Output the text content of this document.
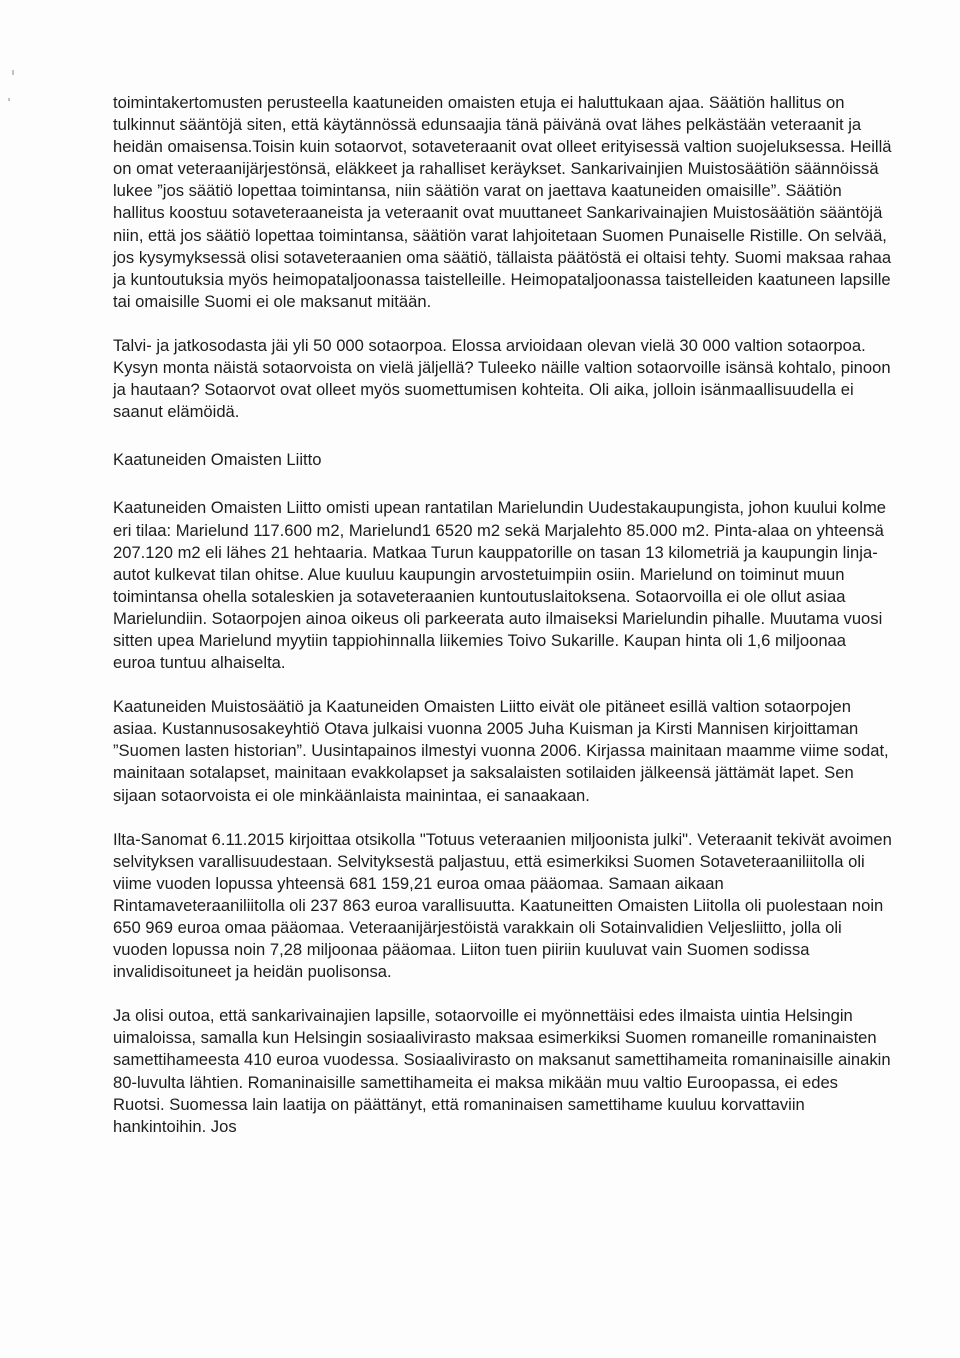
toimintakertomusten perusteella kaatuneiden omaisten etuja ei haluttukaan ajaa. Säätiön hallitus on tulkinnut sääntöjä siten, että käytännössä edunsaajia tänä päivänä ovat lähes pelkästään veteraanit ja heidän omaisensa.Toisin kuin sotaorvot, sotaveteraanit ovat olleet erityisessä valtion suojeluksessa. Heillä on omat veteraanijärjestönsä, eläkkeet ja rahalliset keräykset. Sankarivainjien Muistosäätiön säännöissä lukee ”jos säätiö lopettaa toimintansa, niin säätiön varat on jaettava kaatuneiden omaisille”. Säätiön hallitus koostuu sotaveteraaneista ja veteraanit ovat muuttaneet Sankarivainajien Muistosäätiön sääntöjä niin, että jos säätiö lopettaa toimintansa, säätiön varat lahjoitetaan Suomen Punaiselle Ristille. On selvää, jos kysymyksessä olisi sotaveteraanien oma säätiö, tällaista päätöstä ei oltaisi tehty. Suomi maksaa rahaa ja kuntoutuksia myös heimopataljoonassa taistelleille. Heimopataljoonassa taistelleiden kaatuneen lapsille tai omaisille Suomi ei ole maksanut mitään.

Talvi- ja jatkosodasta jäi yli 50 000 sotaorpoa. Elossa arvioidaan olevan vielä 30 000 valtion sotaorpoa. Kysyn monta näistä sotaorvoista on vielä jäljellä? Tuleeko näille valtion sotaorvoille isänsä kohtalo, pinoon ja hautaan? Sotaorvot ovat olleet myös suomettumisen kohteita. Oli aika, jolloin isänmaallisuudella ei saanut elämöidä.

Kaatuneiden Omaisten Liitto

Kaatuneiden Omaisten Liitto omisti upean rantatilan Marielundin Uudestakaupungista, johon kuului kolme eri tilaa: Marielund 117.600 m2, Marielund1 6520 m2 sekä Marjalehto 85.000 m2. Pinta-alaa on yhteensä 207.120 m2 eli lähes 21 hehtaaria. Matkaa Turun kauppatorille on tasan 13 kilometriä ja kaupungin linja-autot kulkevat tilan ohitse. Alue kuuluu kaupungin arvostetuimpiin osiin. Marielund on toiminut muun toimintansa ohella sotaleskien ja sotaveteraanien kuntoutuslaitoksena. Sotaorvoilla ei ole ollut asiaa Marielundiin. Sotaorpojen ainoa oikeus oli parkeerata auto ilmaiseksi Marielundin pihalle. Muutama vuosi sitten upea Marielund myytiin tappiohinnalla liikemies Toivo Sukarille. Kaupan hinta oli 1,6 miljoonaa euroa tuntuu alhaiselta.

Kaatuneiden Muistosäätiö ja Kaatuneiden Omaisten Liitto eivät ole pitäneet esillä valtion sotaorpojen asiaa. Kustannusosakeyhtiö Otava julkaisi vuonna 2005 Juha Kuisman ja Kirsti Mannisen kirjoittaman ”Suomen lasten historian”. Uusintapainos ilmestyi vuonna 2006. Kirjassa mainitaan maamme viime sodat, mainitaan sotalapset, mainitaan evakkolapset ja saksalaisten sotilaiden jälkeensä jättämät lapet. Sen sijaan sotaorvoista ei ole minkäänlaista mainintaa, ei sanaakaan.

Ilta-Sanomat 6.11.2015 kirjoittaa otsikolla "Totuus veteraanien miljoonista julki". Veteraanit tekivät avoimen selvityksen varallisuudestaan. Selvityksestä paljastuu, että esimerkiksi Suomen Sotaveteraaniliitolla oli viime vuoden lopussa yhteensä 681 159,21 euroa omaa pääomaa. Samaan aikaan Rintamaveteraaniliitolla oli 237 863 euroa varallisuutta. Kaatuneitten Omaisten Liitolla oli puolestaan noin 650 969 euroa omaa pääomaa. Veteraanijärjestöistä varakkain oli Sotainvalidien Veljesliitto, jolla oli vuoden lopussa noin 7,28 miljoonaa pääomaa. Liiton tuen piiriin kuuluvat vain Suomen sodissa invalidisoituneet ja heidän puolisonsa.

Ja olisi outoa, että sankarivainajien lapsille, sotaorvoille ei myönnettäisi edes ilmaista uintia Helsingin uimaloissa, samalla kun Helsingin sosiaalivirasto maksaa esimerkiksi Suomen romaneille romaninaisten samettihameesta 410 euroa vuodessa. Sosiaalivirasto on maksanut samettihameita romaninaisille ainakin 80-luvulta lähtien. Romaninaisille samettihameita ei maksa mikään muu valtio Euroopassa, ei edes Ruotsi. Suomessa lain laatija on päättänyt, että romaninaisen samettihame kuuluu korvattaviin hankintoihin. Jos
